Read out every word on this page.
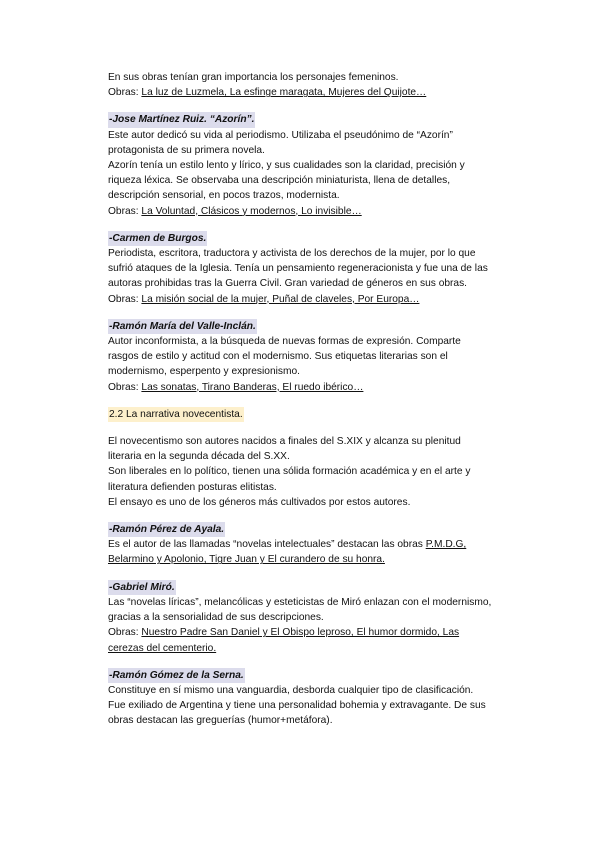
En sus obras tenían gran importancia los personajes femeninos.

Obras: La luz de Luzmela, La esfinge maragata, Mujeres del Quijote…

-Jose Martínez Ruiz. “Azorín”.

Este autor dedicó su vida al periodismo. Utilizaba el pseudónimo de “Azorín”

protagonista de su primera novela.

Azorín tenía un estilo lento y lírico, y sus cualidades son la claridad, precisión y

riqueza léxica. Se observaba una descripción miniaturista, llena de detalles,

descripción sensorial, en pocos trazos, modernista.

Obras: La Voluntad, Clásicos y modernos, Lo invisible…

-Carmen de Burgos.

Periodista, escritora, traductora y activista de los derechos de la mujer, por lo que

sufrió ataques de la Iglesia. Tenía un pensamiento regeneracionista y fue una de las

autoras prohibidas tras la Guerra Civil. Gran variedad de géneros en sus obras.

Obras: La misión social de la mujer, Puñal de claveles, Por Europa…

-Ramón María del Valle-Inclán.

Autor inconformista, a la búsqueda de nuevas formas de expresión. Comparte

rasgos de estilo y actitud con el modernismo. Sus etiquetas literarias son el

modernismo, esperpento y expresionismo.

Obras: Las sonatas, Tirano Banderas, El ruedo ibérico…

2.2 La narrativa novecentista.

El novecentismo son autores nacidos a finales del S.XIX y alcanza su plenitud

literaria en la segunda década del S.XX.

Son liberales en lo político, tienen una sólida formación académica y en el arte y

literatura defienden posturas elitistas.

El ensayo es uno de los géneros más cultivados por estos autores.

-Ramón Pérez de Ayala.

Es el autor de las llamadas “novelas intelectuales” destacan las obras P.M.D.G,

Belarmino y Apolonio, Tigre Juan y El curandero de su honra.

-Gabriel Miró.

Las “novelas líricas”, melancólicas y esteticistas de Miró enlazan con el modernismo,

gracias a la sensorialidad de sus descripciones.

Obras: Nuestro Padre San Daniel y El Obispo leproso, El humor dormido, Las

cerezas del cementerio.

-Ramón Gómez de la Serna.

Constituye en sí mismo una vanguardia, desborda cualquier tipo de clasificación.

Fue exiliado de Argentina y tiene una personalidad bohemia y extravagante. De sus

obras destacan las greguerías (humor+metáfora).
